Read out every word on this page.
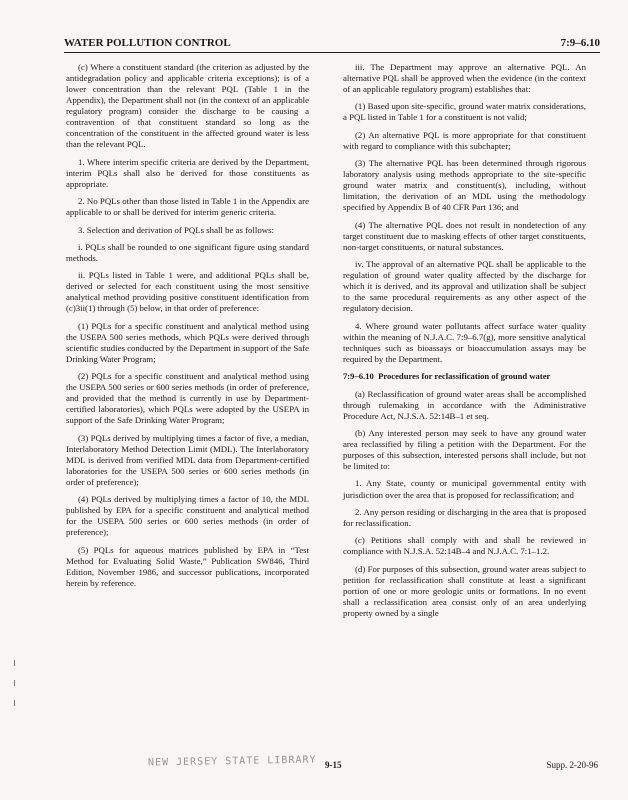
WATER POLLUTION CONTROL	7:9–6.10

(c) Where a constituent standard (the criterion as adjusted by the antidegradation policy and applicable criteria exceptions); is of a lower concentration than the relevant PQL (Table 1 in the Appendix), the Department shall not (in the context of an applicable regulatory program) consider the discharge to be causing a contravention of that constituent standard so long as the concentration of the constituent in the affected ground water is less than the relevant PQL.

1. Where interim specific criteria are derived by the Department, interim PQLs shall also be derived for those constituents as appropriate.

2. No PQLs other than those listed in Table 1 in the Appendix are applicable to or shall be derived for interim generic criteria.

3. Selection and derivation of PQLs shall be as follows:

i. PQLs shall be rounded to one significant figure using standard methods.

ii. PQLs listed in Table 1 were, and additional PQLs shall be, derived or selected for each constituent using the most sensitive analytical method providing positive constituent identification from (c)3ii(1) through (5) below, in that order of preference:

(1) PQLs for a specific constituent and analytical method using the USEPA 500 series methods, which PQLs were derived through scientific studies conducted by the Department in support of the Safe Drinking Water Program;

(2) PQLs for a specific constituent and analytical method using the USEPA 500 series or 600 series methods (in order of preference, and provided that the method is currently in use by Department-certified laboratories), which PQLs were adopted by the USEPA in support of the Safe Drinking Water Program;

(3) PQLs derived by multiplying times a factor of five, a median, Interlaboratory Method Detection Limit (MDL). The Interlaboratory MDL is derived from verified MDL data from Department-certified laboratories for the USEPA 500 series or 600 series methods (in order of preference);

(4) PQLs derived by multiplying times a factor of 10, the MDL published by EPA for a specific constituent and analytical method for the USEPA 500 series or 600 series methods (in order of preference);

(5) PQLs for aqueous matrices published by EPA in “Test Method for Evaluating Solid Waste,” Publication SW846, Third Edition, November 1986, and successor publications, incorporated herein by reference.

iii. The Department may approve an alternative PQL. An alternative PQL shall be approved when the evidence (in the context of an applicable regulatory program) establishes that:

(1) Based upon site-specific, ground water matrix considerations, a PQL listed in Table 1 for a constituent is not valid;

(2) An alternative PQL is more appropriate for that constituent with regard to compliance with this subchapter;

(3) The alternative PQL has been determined through rigorous laboratory analysis using methods appropriate to the site-specific ground water matrix and constituent(s), including, without limitation, the derivation of an MDL using the methodology specified by Appendix B of 40 CFR Part 136; and

(4) The alternative PQL does not result in nondetection of any target constituent due to masking effects of other target constituents, non-target constituents, or natural substances.

iv. The approval of an alternative PQL shall be applicable to the regulation of ground water quality affected by the discharge for which it is derived, and its approval and utilization shall be subject to the same procedural requirements as any other aspect of the regulatory decision.

4. Where ground water pollutants affect surface water quality within the meaning of N.J.A.C. 7:9–6.7(g), more sensitive analytical techniques such as bioassays or bioaccumulation assays may be required by the Department.

7:9–6.10 Procedures for reclassification of ground water

(a) Reclassification of ground water areas shall be accomplished through rulemaking in accordance with the Administrative Procedure Act, N.J.S.A. 52:14B–1 et seq.

(b) Any interested person may seek to have any ground water area reclassified by filing a petition with the Department. For the purposes of this subsection, interested persons shall include, but not be limited to:

1. Any State, county or municipal governmental entity with jurisdiction over the area that is proposed for reclassification; and

2. Any person residing or discharging in the area that is proposed for reclassification.

(c) Petitions shall comply with and shall be reviewed in compliance with N.J.S.A. 52:14B–4 and N.J.A.C. 7:1–1.2.

(d) For purposes of this subsection, ground water areas subject to petition for reclassification shall constitute at least a significant portion of one or more geologic units or formations. In no event shall a reclassification area consist only of an area underlying property owned by a single

NEW JERSEY STATE LIBRARY 9-15	Supp. 2-20-96
